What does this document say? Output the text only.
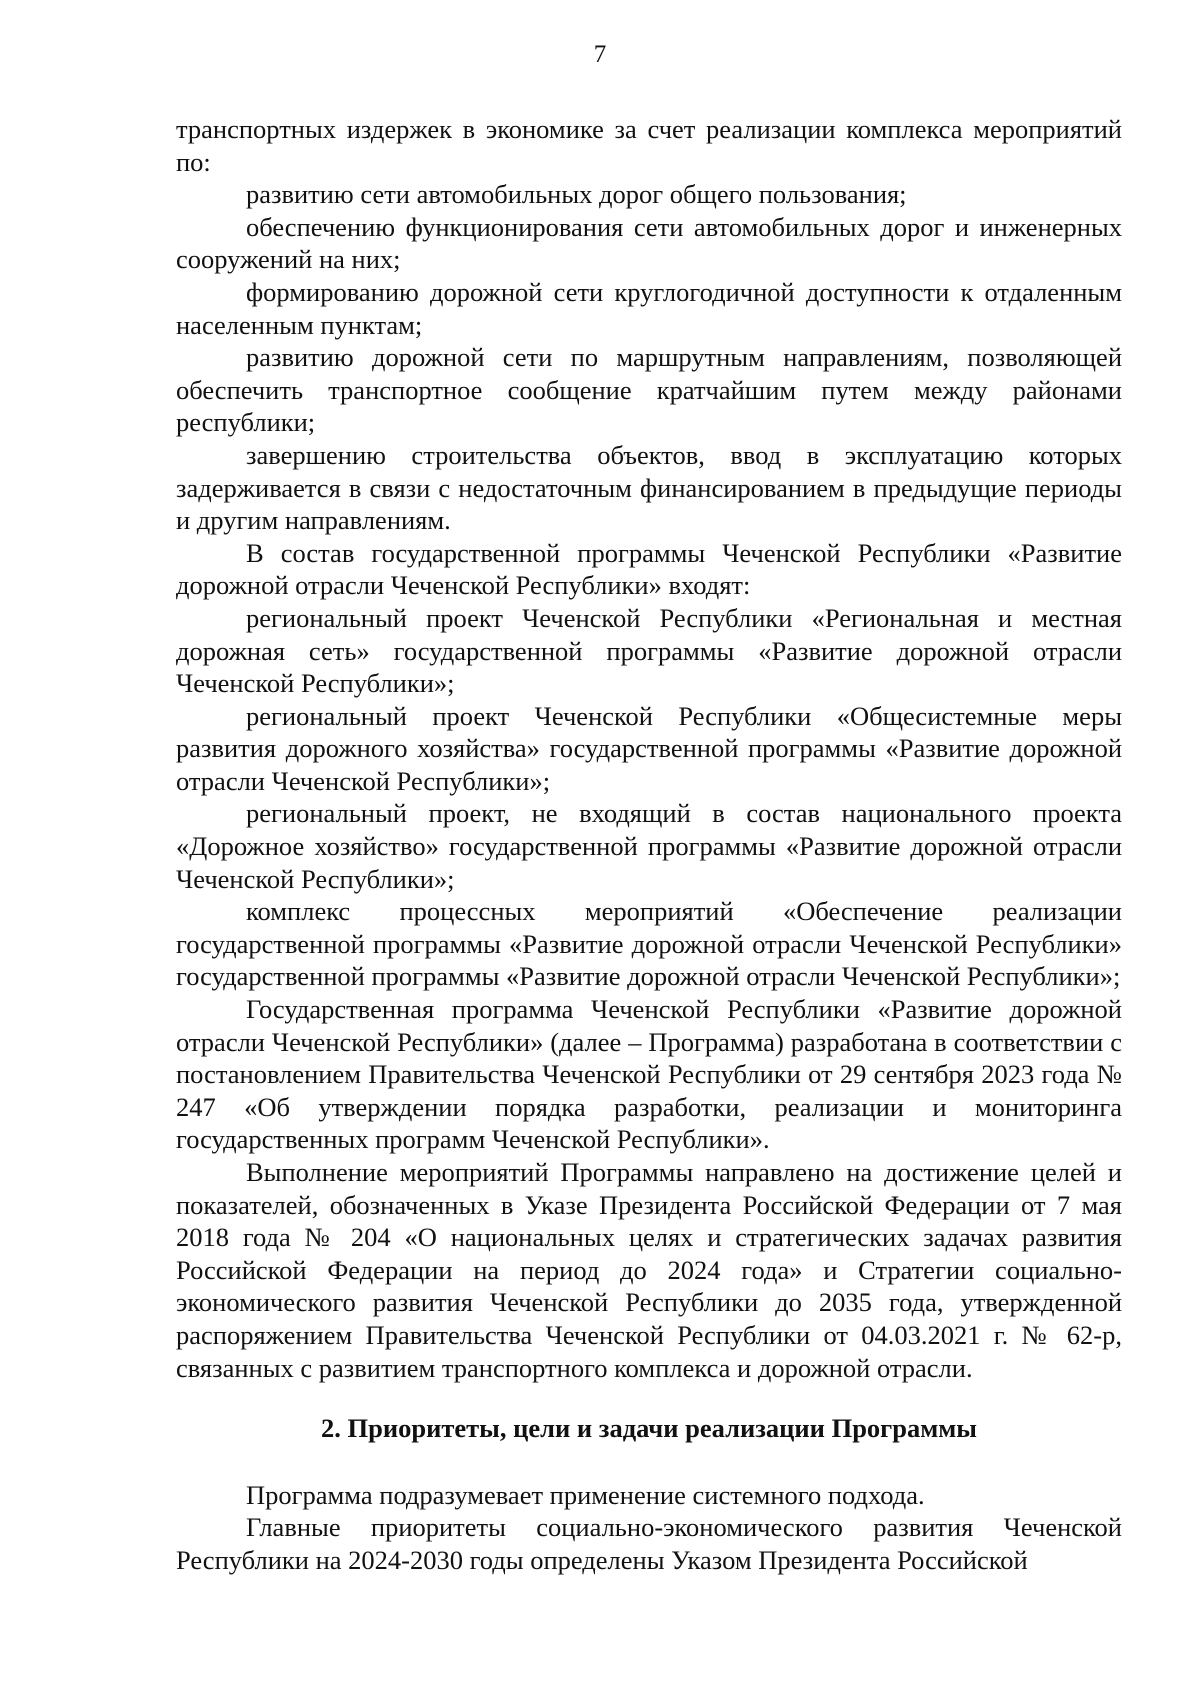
7

транспортных издержек в экономике за счет реализации комплекса мероприятий по:

развитию сети автомобильных дорог общего пользования;

обеспечению функционирования сети автомобильных дорог и инженерных сооружений на них;

формированию дорожной сети круглогодичной доступности к отдаленным населенным пунктам;

развитию дорожной сети по маршрутным направлениям, позволяющей обеспечить транспортное сообщение кратчайшим путем между районами республики;

завершению строительства объектов, ввод в эксплуатацию которых задерживается в связи с недостаточным финансированием в предыдущие периоды и другим направлениям.

В состав государственной программы Чеченской Республики «Развитие дорожной отрасли Чеченской Республики» входят:

региональный проект Чеченской Республики «Региональная и местная дорожная сеть» государственной программы «Развитие дорожной отрасли Чеченской Республики»;

региональный проект Чеченской Республики «Общесистемные меры развития дорожного хозяйства» государственной программы «Развитие дорожной отрасли Чеченской Республики»;

региональный проект, не входящий в состав национального проекта «Дорожное хозяйство» государственной программы «Развитие дорожной отрасли Чеченской Республики»;

комплекс процессных мероприятий «Обеспечение реализации государственной программы «Развитие дорожной отрасли Чеченской Республики» государственной программы «Развитие дорожной отрасли Чеченской Республики»;

Государственная программа Чеченской Республики «Развитие дорожной отрасли Чеченской Республики» (далее – Программа) разработана в соответствии с постановлением Правительства Чеченской Республики от 29 сентября 2023 года № 247 «Об утверждении порядка разработки, реализации и мониторинга государственных программ Чеченской Республики».

Выполнение мероприятий Программы направлено на достижение целей и показателей, обозначенных в Указе Президента Российской Федерации от 7 мая 2018 года № 204 «О национальных целях и стратегических задачах развития Российской Федерации на период до 2024 года» и Стратегии социально-экономического развития Чеченской Республики до 2035 года, утвержденной распоряжением Правительства Чеченской Республики от 04.03.2021 г. № 62-р, связанных с развитием транспортного комплекса и дорожной отрасли.

2. Приоритеты, цели и задачи реализации Программы

Программа подразумевает применение системного подхода.

Главные приоритеты социально-экономического развития Чеченской Республики на 2024-2030 годы определены Указом Президента Российской
